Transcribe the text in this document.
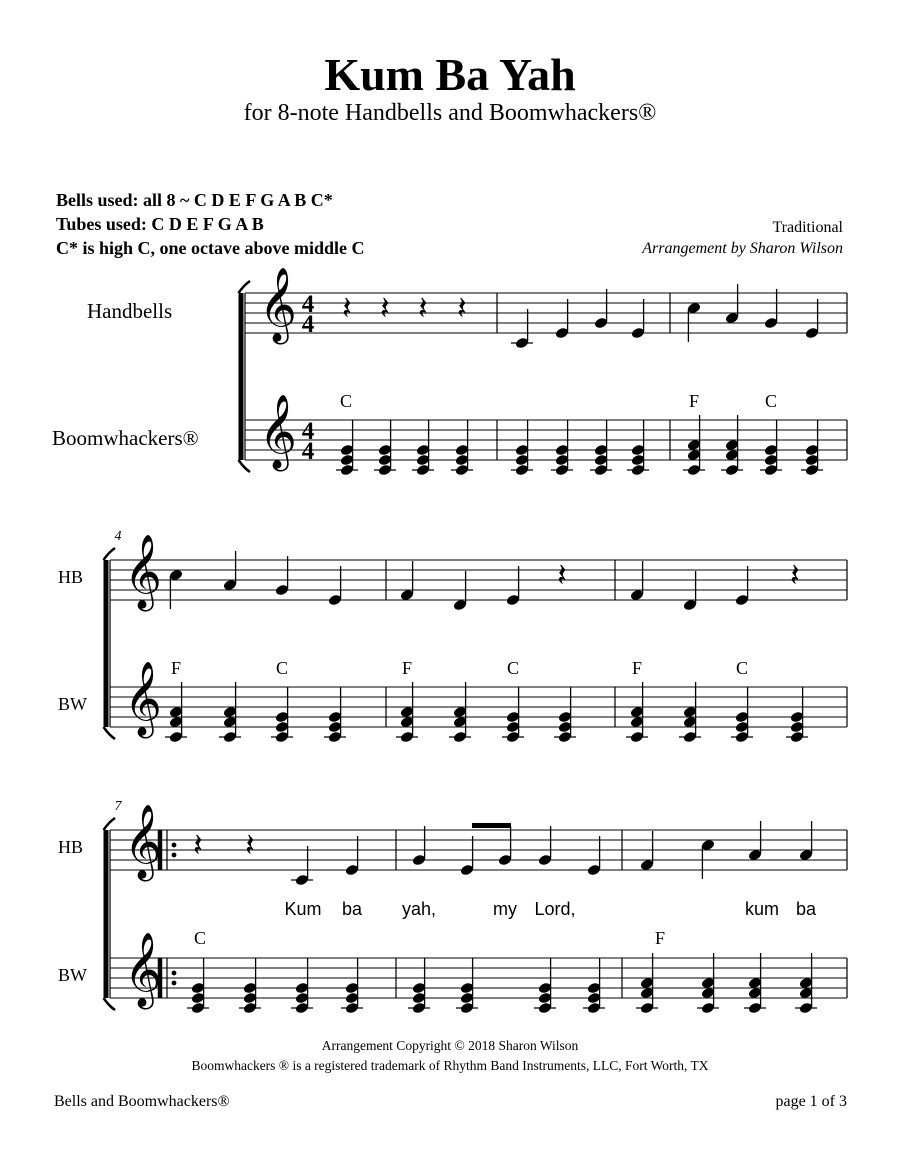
Kum Ba Yah
for 8-note Handbells and Boomwhackers®
Bells used: all 8 ~ C D E F G A B C*
Tubes used: C D E F G A B
C* is high C, one octave above middle C
Traditional
Arrangement by Sharon Wilson
Handbells
Boomwhackers®
HB
BW
HB
BW
𝄞
𝄞
4
4
4
4
𝄽 𝄽 𝄽 𝄽
C	F	C
𝄞
𝄞
4
𝄽	𝄽
F	C	F	C	F	C
𝄞
𝄞
7
𝄽 𝄽
C	F
Kum ba yah,	my Lord,	kum ba
Arrangement Copyright © 2018 Sharon Wilson
Boomwhackers ® is a registered trademark of Rhythm Band Instruments, LLC, Fort Worth, TX
Bells and Boomwhackers®	page 1 of 3
